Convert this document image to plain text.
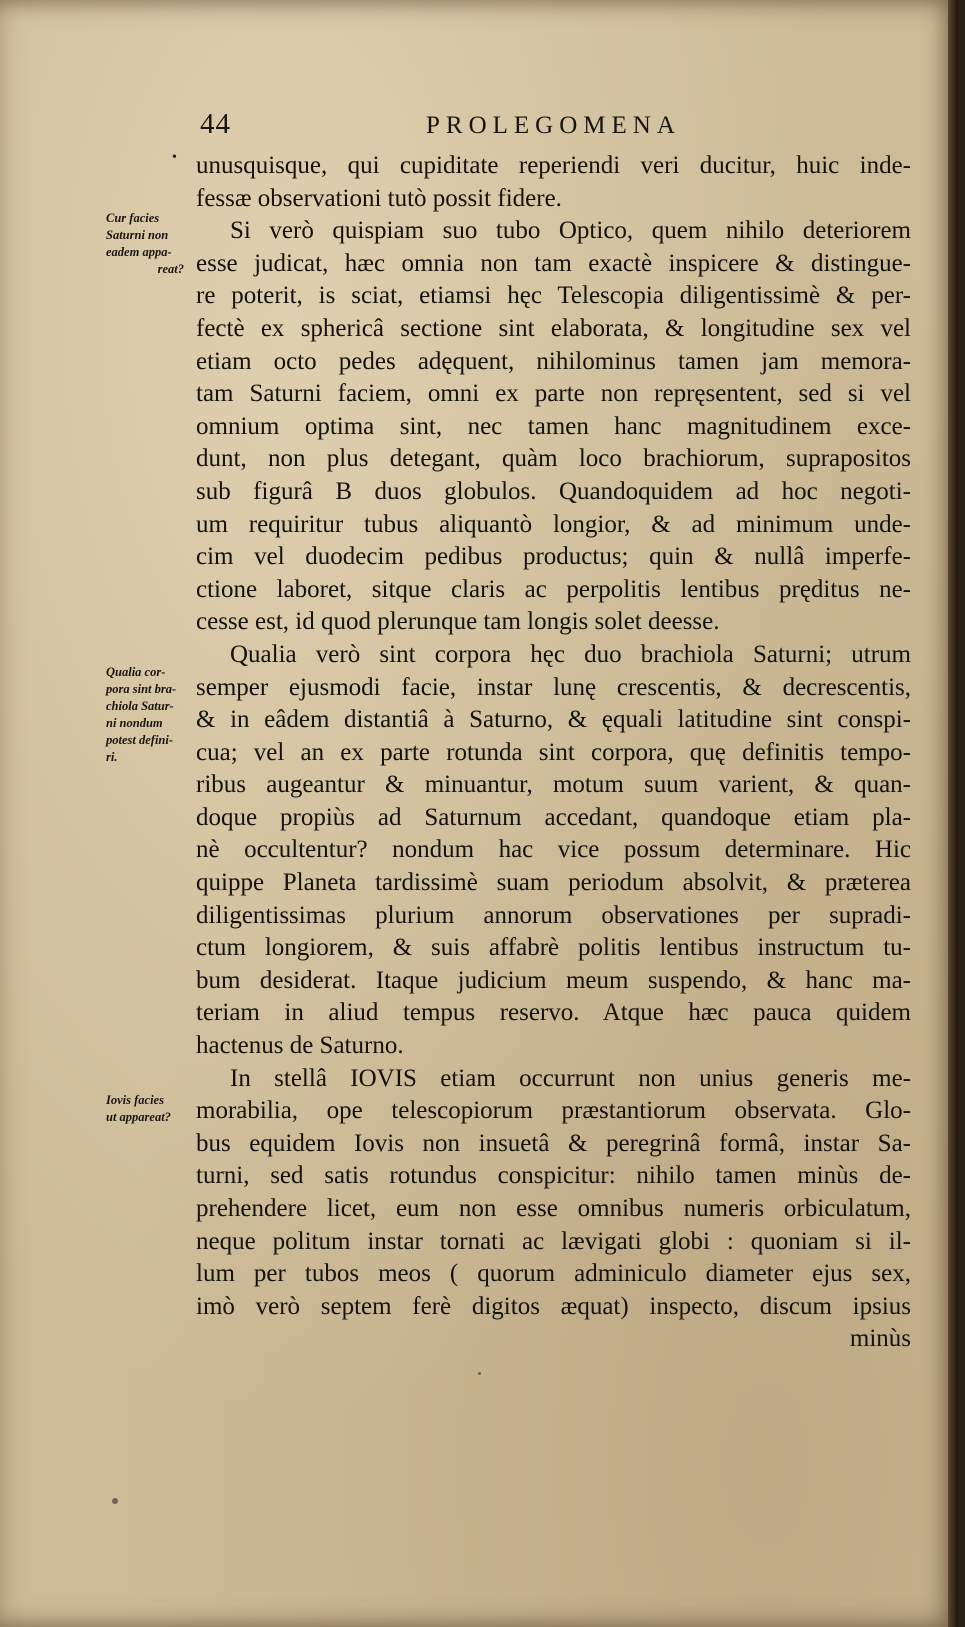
44	PROLEGOMENA
•
Cur facies
Saturni non
eadem appa-
reat?
Qualia cor-
pora sint bra-
chiola Satur-
ni nondum
potest defini-
ri.
Iovis facies
ut appareat?
unusquisque, qui cupiditate reperiendi veri ducitur, huic inde-
fessæ observationi tutò possit fidere.
Si verò quispiam suo tubo Optico, quem nihilo deteriorem
esse judicat, hæc omnia non tam exactè inspicere & distingue-
re poterit, is sciat, etiamsi hęc Telescopia diligentissimè & per-
fectè ex sphericâ sectione sint elaborata, & longitudine sex vel
etiam octo pedes adęquent, nihilominus tamen jam memora-
tam Saturni faciem, omni ex parte non repręsentent, sed si vel
omnium optima sint, nec tamen hanc magnitudinem exce-
dunt, non plus detegant, quàm loco brachiorum, suprapositos
sub figurâ B duos globulos. Quandoquidem ad hoc negoti-
um requiritur tubus aliquantò longior, & ad minimum unde-
cim vel duodecim pedibus productus; quin & nullâ imperfe-
ctione laboret, sitque claris ac perpolitis lentibus pręditus ne-
cesse est, id quod plerunque tam longis solet deesse.
Qualia verò sint corpora hęc duo brachiola Saturni; utrum
semper ejusmodi facie, instar lunę crescentis, & decrescentis,
& in eâdem distantiâ à Saturno, & ęquali latitudine sint conspi-
cua; vel an ex parte rotunda sint corpora, quę definitis tempo-
ribus augeantur & minuantur, motum suum varient, & quan-
doque propiùs ad Saturnum accedant, quandoque etiam pla-
nè occultentur? nondum hac vice possum determinare. Hic
quippe Planeta tardissimè suam periodum absolvit, & præterea
diligentissimas plurium annorum observationes per supradi-
ctum longiorem, & suis affabrè politis lentibus instructum tu-
bum desiderat. Itaque judicium meum suspendo, & hanc ma-
teriam in aliud tempus reservo. Atque hæc pauca quidem
hactenus de Saturno.
In stellâ IOVIS etiam occurrunt non unius generis me-
morabilia, ope telescopiorum præstantiorum observata. Glo-
bus equidem Iovis non insuetâ & peregrinâ formâ, instar Sa-
turni, sed satis rotundus conspicitur: nihilo tamen minùs de-
prehendere licet, eum non esse omnibus numeris orbiculatum,
neque politum instar tornati ac lævigati globi : quoniam si il-
lum per tubos meos ( quorum adminiculo diameter ejus sex,
imò verò septem ferè digitos æquat) inspecto, discum ipsius
minùs
